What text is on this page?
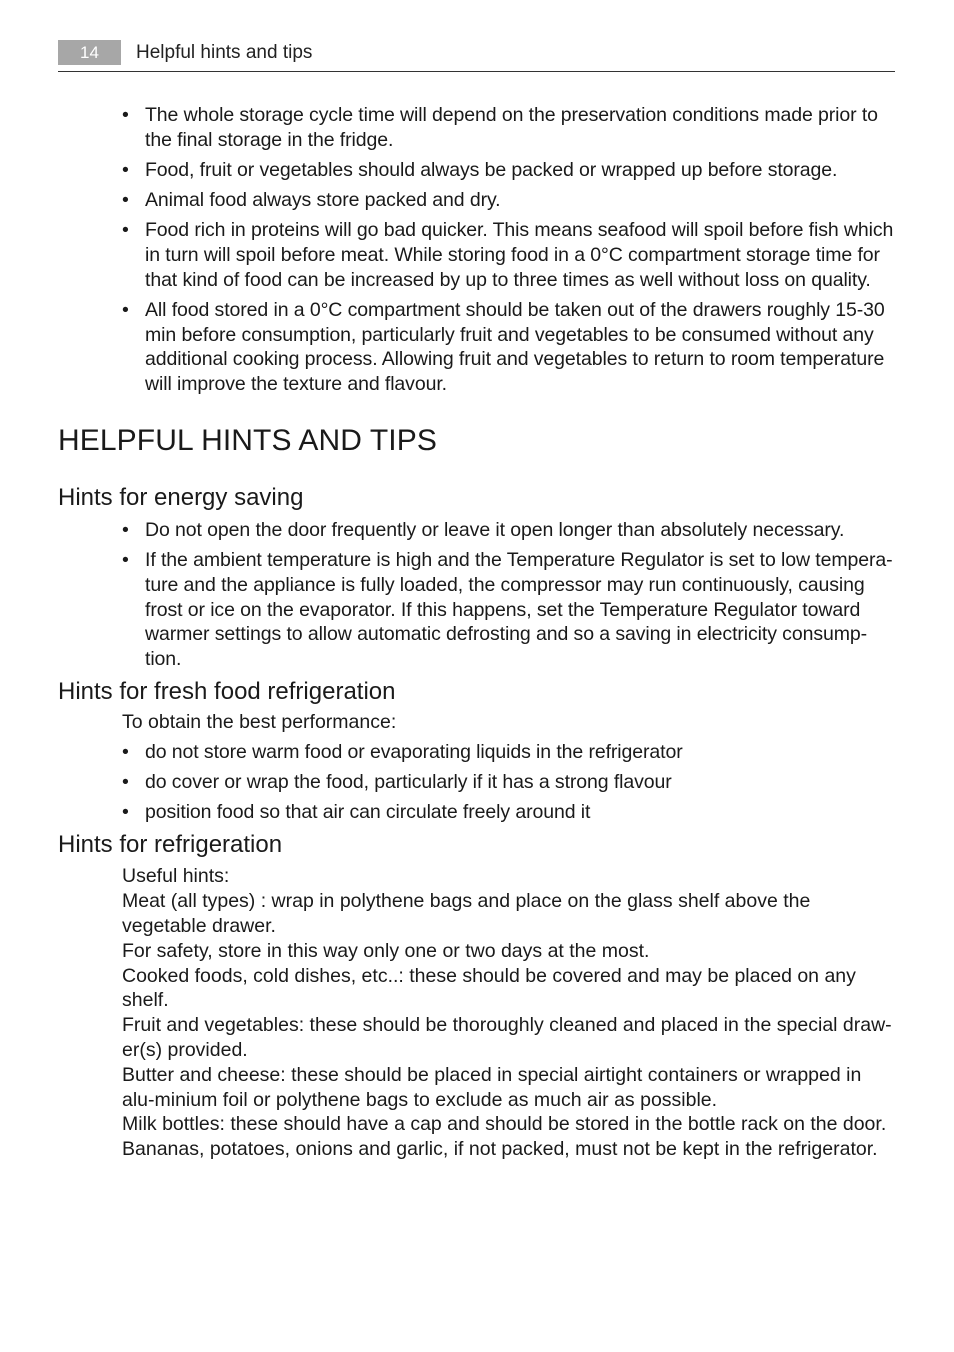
14	Helpful hints and tips
• The whole storage cycle time will depend on the preservation conditions made prior to the final storage in the fridge.
• Food, fruit or vegetables should always be packed or wrapped up before storage.
• Animal food always store packed and dry.
• Food rich in proteins will go bad quicker. This means seafood will spoil before fish which in turn will spoil before meat. While storing food in a 0°C compartment storage time for that kind of food can be increased by up to three times as well without loss on quality.
• All food stored in a 0°C compartment should be taken out of the drawers roughly 15-30 min before consumption, particularly fruit and vegetables to be consumed without any additional cooking process. Allowing fruit and vegetables to return to room temperature will improve the texture and flavour.
HELPFUL HINTS AND TIPS
Hints for energy saving
• Do not open the door frequently or leave it open longer than absolutely necessary.
• If the ambient temperature is high and the Temperature Regulator is set to low tempera-ture and the appliance is fully loaded, the compressor may run continuously, causing frost or ice on the evaporator. If this happens, set the Temperature Regulator toward warmer settings to allow automatic defrosting and so a saving in electricity consump-tion.
Hints for fresh food refrigeration
To obtain the best performance:
• do not store warm food or evaporating liquids in the refrigerator
• do cover or wrap the food, particularly if it has a strong flavour
• position food so that air can circulate freely around it
Hints for refrigeration
Useful hints:
Meat (all types) : wrap in polythene bags and place on the glass shelf above the vegetable drawer.
For safety, store in this way only one or two days at the most.
Cooked foods, cold dishes, etc..: these should be covered and may be placed on any shelf.
Fruit and vegetables: these should be thoroughly cleaned and placed in the special draw-er(s) provided.
Butter and cheese: these should be placed in special airtight containers or wrapped in alu-minium foil or polythene bags to exclude as much air as possible.
Milk bottles: these should have a cap and should be stored in the bottle rack on the door.
Bananas, potatoes, onions and garlic, if not packed, must not be kept in the refrigerator.
